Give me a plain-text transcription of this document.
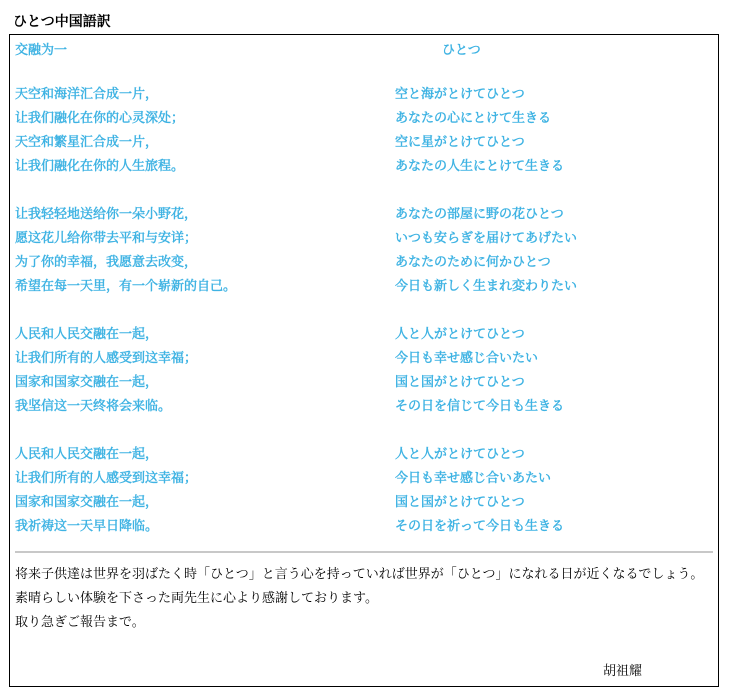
ひとつ中国語訳
交融为一	ひとつ
天空和海洋汇合成一片，	空と海がとけてひとつ
让我们融化在你的心灵深处；	あなたの心にとけて生きる
天空和繁星汇合成一片，	空に星がとけてひとつ
让我们融化在你的人生旅程。	あなたの人生にとけて生きる
让我轻轻地送给你一朵小野花，	あなたの部屋に野の花ひとつ
愿这花儿给你带去平和与安详；	いつも安らぎを届けてあげたい
为了你的幸福，我愿意去改变，	あなたのために何かひとつ
希望在每一天里，有一个崭新的自己。	今日も新しく生まれ変わりたい
人民和人民交融在一起，	人と人がとけてひとつ
让我们所有的人感受到这幸福；	今日も幸せ感じ合いたい
国家和国家交融在一起，	国と国がとけてひとつ
我坚信这一天终将会来临。	その日を信じて今日も生きる
人民和人民交融在一起，	人と人がとけてひとつ
让我们所有的人感受到这幸福；	今日も幸せ感じ合いあたい
国家和国家交融在一起，	国と国がとけてひとつ
我祈祷这一天早日降临。	その日を祈って今日も生きる

将来子供達は世界を羽ばたく時「ひとつ」と言う心を持っていれば世界が「ひとつ」になれる日が近くなるでしょう。

素晴らしい体験を下さった両先生に心より感謝しております。

取り急ぎご報告まで。

胡祖耀
